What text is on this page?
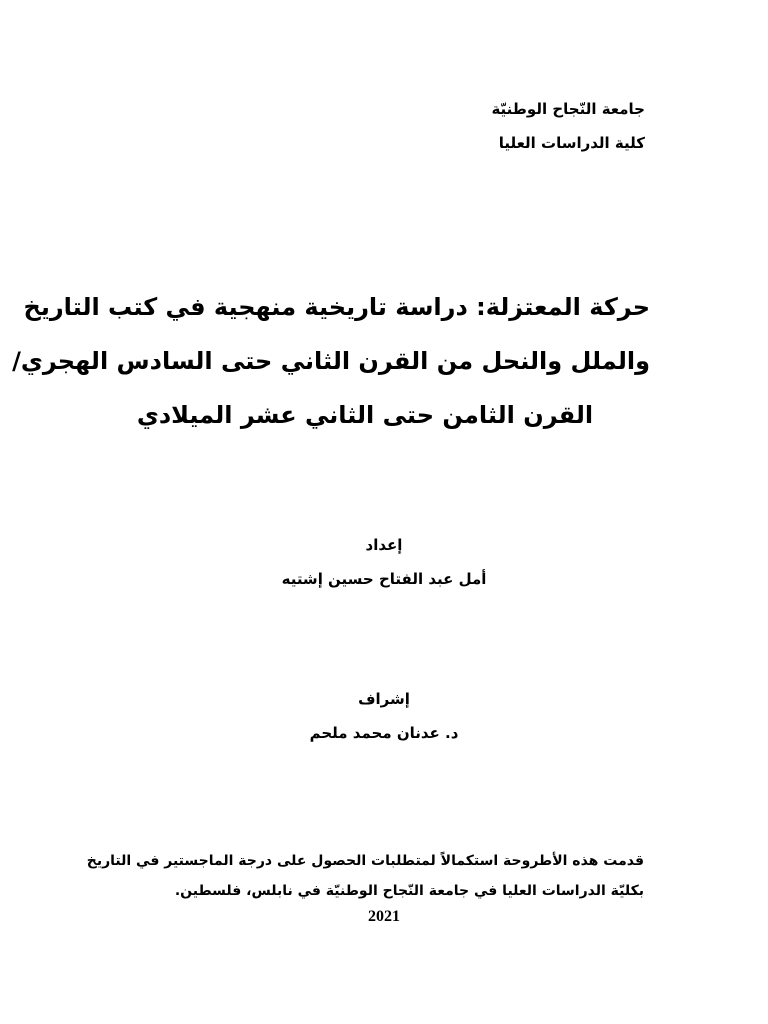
جامعة النّجاح الوطنيّة
كلية الدراسات العليا
حركة المعتزلة: دراسة تاريخية منهجية في كتب التاريخ
والملل والنحل من القرن الثاني حتى السادس الهجري/
القرن الثامن حتى الثاني عشر الميلادي
إعداد
أمل عبد الفتاح حسين إشتيه
إشراف
د. عدنان محمد ملحم
قدمت هذه الأطروحة استكمالاً لمتطلبات الحصول على درجة الماجستير في التاريخ
بكليّة الدراسات العليا في جامعة النّجاح الوطنيّة في نابلس، فلسطين.
2021
